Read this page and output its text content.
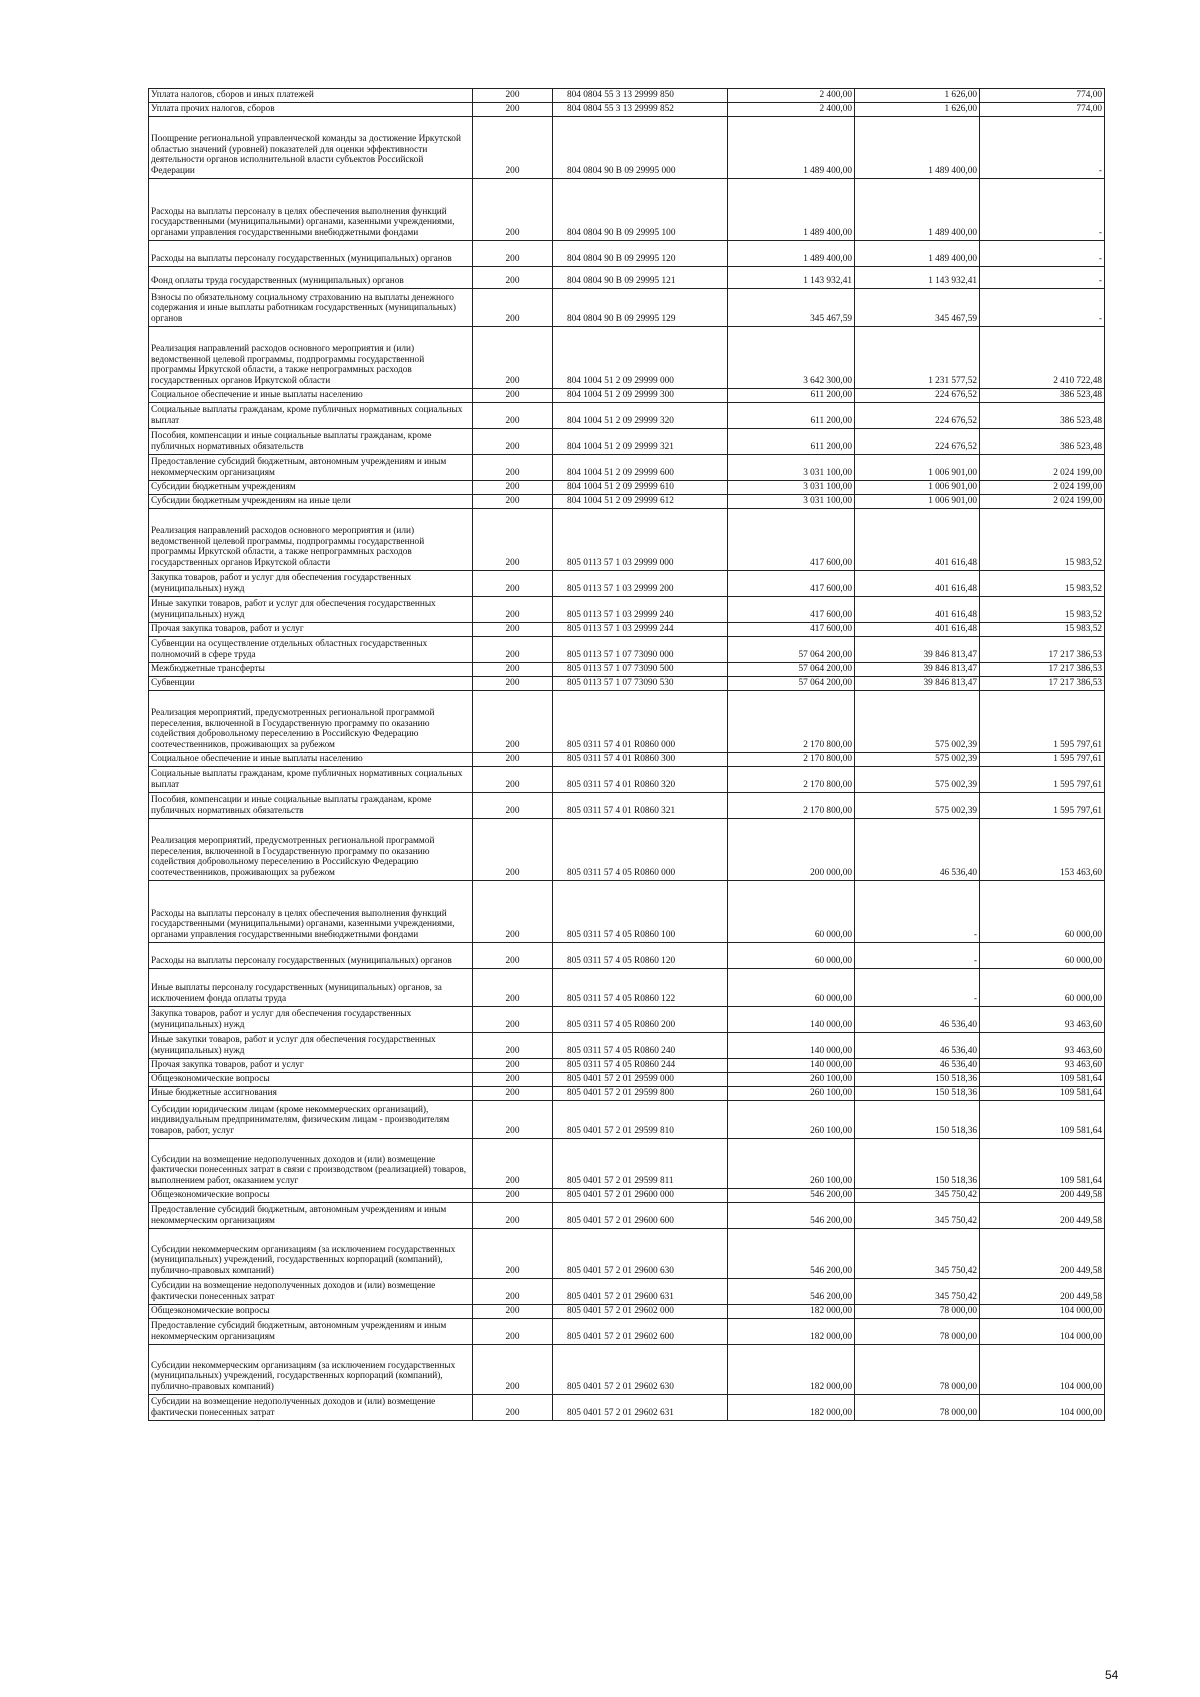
Уплата налогов, сборов и иных платежей	200	804 0804 55 3 13 29999 850	2 400,00	1 626,00	774,00
Уплата прочих налогов, сборов	200	804 0804 55 3 13 29999 852	2 400,00	1 626,00	774,00
Поощрение региональной управленческой команды за достижение Иркутской областью значений (уровней) показателей для оценки эффективности деятельности органов исполнительной власти субъектов Российской Федерации	200	804 0804 90 В 09 29995 000	1 489 400,00	1 489 400,00	-
Расходы на выплаты персоналу в целях обеспечения выполнения функций государственными (муниципальными) органами, казенными учреждениями, органами управления государственными внебюджетными фондами	200	804 0804 90 В 09 29995 100	1 489 400,00	1 489 400,00	-
Расходы на выплаты персоналу государственных (муниципальных) органов	200	804 0804 90 В 09 29995 120	1 489 400,00	1 489 400,00	-
Фонд оплаты труда государственных (муниципальных) органов	200	804 0804 90 В 09 29995 121	1 143 932,41	1 143 932,41	-
Взносы по обязательному социальному страхованию на выплаты денежного содержания и иные выплаты работникам государственных (муниципальных) органов	200	804 0804 90 В 09 29995 129	345 467,59	345 467,59	-
Реализация направлений расходов основного мероприятия и (или) ведомственной целевой программы, подпрограммы государственной программы Иркутской области, а также непрограммных расходов государственных органов Иркутской области	200	804 1004 51 2 09 29999 000	3 642 300,00	1 231 577,52	2 410 722,48
Социальное обеспечение и иные выплаты населению	200	804 1004 51 2 09 29999 300	611 200,00	224 676,52	386 523,48
Социальные выплаты гражданам, кроме публичных нормативных социальных выплат	200	804 1004 51 2 09 29999 320	611 200,00	224 676,52	386 523,48
Пособия, компенсации и иные социальные выплаты гражданам, кроме публичных нормативных обязательств	200	804 1004 51 2 09 29999 321	611 200,00	224 676,52	386 523,48
Предоставление субсидий бюджетным, автономным учреждениям и иным некоммерческим организациям	200	804 1004 51 2 09 29999 600	3 031 100,00	1 006 901,00	2 024 199,00
Субсидии бюджетным учреждениям	200	804 1004 51 2 09 29999 610	3 031 100,00	1 006 901,00	2 024 199,00
Субсидии бюджетным учреждениям на иные цели	200	804 1004 51 2 09 29999 612	3 031 100,00	1 006 901,00	2 024 199,00
Реализация направлений расходов основного мероприятия и (или) ведомственной целевой программы, подпрограммы государственной программы Иркутской области, а также непрограммных расходов государственных органов Иркутской области	200	805 0113 57 1 03 29999 000	417 600,00	401 616,48	15 983,52
Закупка товаров, работ и услуг для обеспечения государственных (муниципальных) нужд	200	805 0113 57 1 03 29999 200	417 600,00	401 616,48	15 983,52
Иные закупки товаров, работ и услуг для обеспечения государственных (муниципальных) нужд	200	805 0113 57 1 03 29999 240	417 600,00	401 616,48	15 983,52
Прочая закупка товаров, работ и услуг	200	805 0113 57 1 03 29999 244	417 600,00	401 616,48	15 983,52
Субвенции на осуществление отдельных областных государственных полномочий в сфере труда	200	805 0113 57 1 07 73090 000	57 064 200,00	39 846 813,47	17 217 386,53
Межбюджетные трансферты	200	805 0113 57 1 07 73090 500	57 064 200,00	39 846 813,47	17 217 386,53
Субвенции	200	805 0113 57 1 07 73090 530	57 064 200,00	39 846 813,47	17 217 386,53
Реализация мероприятий, предусмотренных региональной программой переселения, включенной в Государственную программу по оказанию содействия добровольному переселению в Российскую Федерацию соотечественников, проживающих за рубежом	200	805 0311 57 4 01 R0860 000	2 170 800,00	575 002,39	1 595 797,61
Социальное обеспечение и иные выплаты населению	200	805 0311 57 4 01 R0860 300	2 170 800,00	575 002,39	1 595 797,61
Социальные выплаты гражданам, кроме публичных нормативных социальных выплат	200	805 0311 57 4 01 R0860 320	2 170 800,00	575 002,39	1 595 797,61
Пособия, компенсации и иные социальные выплаты гражданам, кроме публичных нормативных обязательств	200	805 0311 57 4 01 R0860 321	2 170 800,00	575 002,39	1 595 797,61
Реализация мероприятий, предусмотренных региональной программой переселения, включенной в Государственную программу по оказанию содействия добровольному переселению в Российскую Федерацию соотечественников, проживающих за рубежом	200	805 0311 57 4 05 R0860 000	200 000,00	46 536,40	153 463,60
Расходы на выплаты персоналу в целях обеспечения выполнения функций государственными (муниципальными) органами, казенными учреждениями, органами управления государственными внебюджетными фондами	200	805 0311 57 4 05 R0860 100	60 000,00	-	60 000,00
Расходы на выплаты персоналу государственных (муниципальных) органов	200	805 0311 57 4 05 R0860 120	60 000,00	-	60 000,00
Иные выплаты персоналу государственных (муниципальных) органов, за исключением фонда оплаты труда	200	805 0311 57 4 05 R0860 122	60 000,00	-	60 000,00
Закупка товаров, работ и услуг для обеспечения государственных (муниципальных) нужд	200	805 0311 57 4 05 R0860 200	140 000,00	46 536,40	93 463,60
Иные закупки товаров, работ и услуг для обеспечения государственных (муниципальных) нужд	200	805 0311 57 4 05 R0860 240	140 000,00	46 536,40	93 463,60
Прочая закупка товаров, работ и услуг	200	805 0311 57 4 05 R0860 244	140 000,00	46 536,40	93 463,60
Общеэкономические вопросы	200	805 0401 57 2 01 29599 000	260 100,00	150 518,36	109 581,64
Иные бюджетные ассигнования	200	805 0401 57 2 01 29599 800	260 100,00	150 518,36	109 581,64
Субсидии юридическим лицам (кроме некоммерческих организаций), индивидуальным предпринимателям, физическим лицам - производителям товаров, работ, услуг	200	805 0401 57 2 01 29599 810	260 100,00	150 518,36	109 581,64
Субсидии на возмещение недополученных доходов и (или) возмещение фактически понесенных затрат в связи с производством (реализацией) товаров, выполнением работ, оказанием услуг	200	805 0401 57 2 01 29599 811	260 100,00	150 518,36	109 581,64
Общеэкономические вопросы	200	805 0401 57 2 01 29600 000	546 200,00	345 750,42	200 449,58
Предоставление субсидий бюджетным, автономным учреждениям и иным некоммерческим организациям	200	805 0401 57 2 01 29600 600	546 200,00	345 750,42	200 449,58
Субсидии некоммерческим организациям (за исключением государственных (муниципальных) учреждений, государственных корпораций (компаний), публично-правовых компаний)	200	805 0401 57 2 01 29600 630	546 200,00	345 750,42	200 449,58
Субсидии на возмещение недополученных доходов и (или) возмещение фактически понесенных затрат	200	805 0401 57 2 01 29600 631	546 200,00	345 750,42	200 449,58
Общеэкономические вопросы	200	805 0401 57 2 01 29602 000	182 000,00	78 000,00	104 000,00
Предоставление субсидий бюджетным, автономным учреждениям и иным некоммерческим организациям	200	805 0401 57 2 01 29602 600	182 000,00	78 000,00	104 000,00
Субсидии некоммерческим организациям (за исключением государственных (муниципальных) учреждений, государственных корпораций (компаний), публично-правовых компаний)	200	805 0401 57 2 01 29602 630	182 000,00	78 000,00	104 000,00
Субсидии на возмещение недополученных доходов и (или) возмещение фактически понесенных затрат	200	805 0401 57 2 01 29602 631	182 000,00	78 000,00	104 000,00
54
